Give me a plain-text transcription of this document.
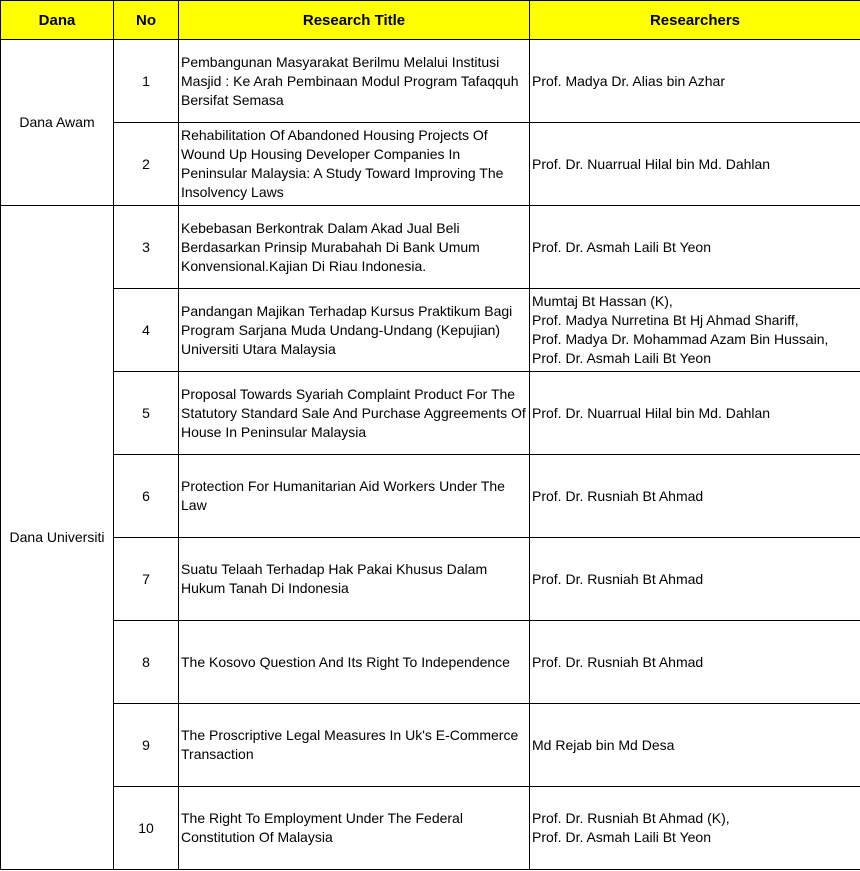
Dana	No	Research Title	Researchers
Dana Awam	1	Pembangunan Masyarakat Berilmu Melalui Institusi Masjid : Ke Arah Pembinaan Modul Program Tafaqquh Bersifat Semasa	Prof. Madya Dr. Alias bin Azhar

	2	Rehabilitation Of Abandoned Housing Projects Of Wound Up Housing Developer Companies In Peninsular Malaysia: A Study Toward Improving The Insolvency Laws	Prof. Dr. Nuarrual Hilal bin Md. Dahlan

Dana Universiti	3	Kebebasan Berkontrak Dalam Akad Jual Beli Berdasarkan Prinsip Murabahah Di Bank Umum Konvensional.Kajian Di Riau Indonesia.	Prof. Dr. Asmah Laili Bt Yeon

	4	Pandangan Majikan Terhadap Kursus Praktikum Bagi Program Sarjana Muda Undang-Undang (Kepujian) Universiti Utara Malaysia	Mumtaj Bt Hassan (K),
Prof. Madya Nurretina Bt Hj Ahmad Shariff,
Prof. Madya Dr. Mohammad Azam Bin Hussain,
Prof. Dr. Asmah Laili Bt Yeon

	5	Proposal Towards Syariah Complaint Product For The Statutory Standard Sale And Purchase Aggreements Of House In Peninsular Malaysia	Prof. Dr. Nuarrual Hilal bin Md. Dahlan

	6	Protection For Humanitarian Aid Workers Under The Law	Prof. Dr. Rusniah Bt Ahmad

	7	Suatu Telaah Terhadap Hak Pakai Khusus Dalam Hukum Tanah Di Indonesia	Prof. Dr. Rusniah Bt Ahmad

	8	The Kosovo Question And Its Right To Independence	Prof. Dr. Rusniah Bt Ahmad

	9	The Proscriptive Legal Measures In Uk's E-Commerce Transaction	Md Rejab bin Md Desa

	10	The Right To Employment Under The Federal Constitution Of Malaysia	Prof. Dr. Rusniah Bt Ahmad (K),
Prof. Dr. Asmah Laili Bt Yeon
